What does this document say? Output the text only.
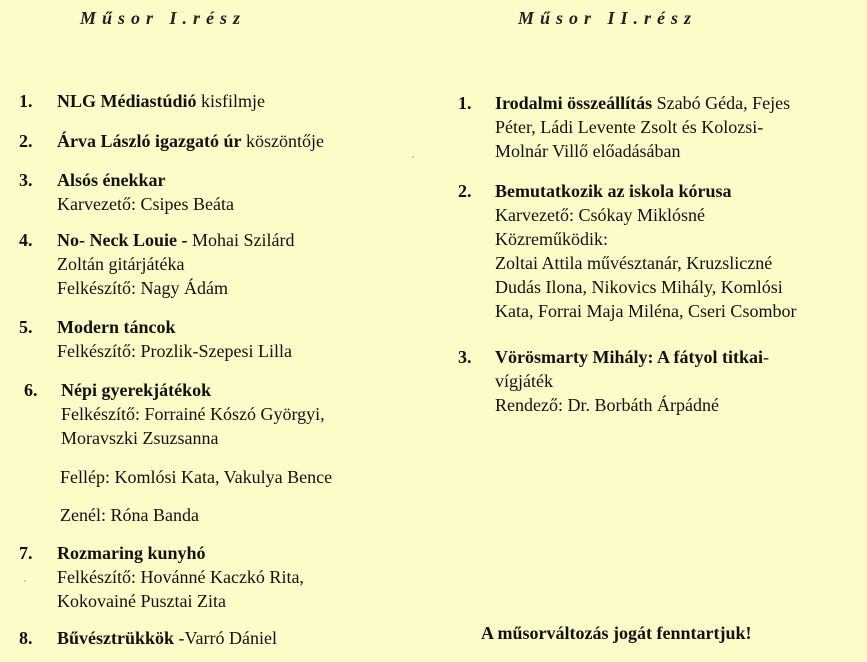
Műsor I.rész	Műsor II.rész
1. NLG Médiastúdió kisfilmje
2. Árva László igazgató úr köszöntője
3. Alsós énekkar
Karvezető: Csipes Beáta
4. No- Neck Louie - Mohai Szilárd
Zoltán gitárjátéka
Felkészítő: Nagy Ádám
5. Modern táncok
Felkészítő: Prozlik-Szepesi Lilla
6. Népi gyerekjátékok
Felkészítő: Forrainé Kószó Györgyi,
Moravszki Zsuzsanna
Fellép: Komlósi Kata, Vakulya Bence
Zenél: Róna Banda
7. Rozmaring kunyhó
Felkészítő: Hovánné Kaczkó Rita,
Kokovainé Pusztai Zita
8. Bűvésztrükkök -Varró Dániel
1. Irodalmi összeállítás Szabó Géda, Fejes
Péter, Ládi Levente Zsolt és Kolozsi-
Molnár Villő előadásában
2. Bemutatkozik az iskola kórusa
Karvezető: Csókay Miklósné
Közreműködik:
Zoltai Attila művésztanár, Kruzslicz​né
Dudás Ilona, Nikovics Mihály, Komlósi
Kata, Forrai Maja Miléna, Cseri Csombor
3. Vörösmarty Mihály: A fátyol titkai-
vígjáték
Rendező: Dr. Borbáth Árpádné
A műsorváltozás jogát fenntartjuk!
